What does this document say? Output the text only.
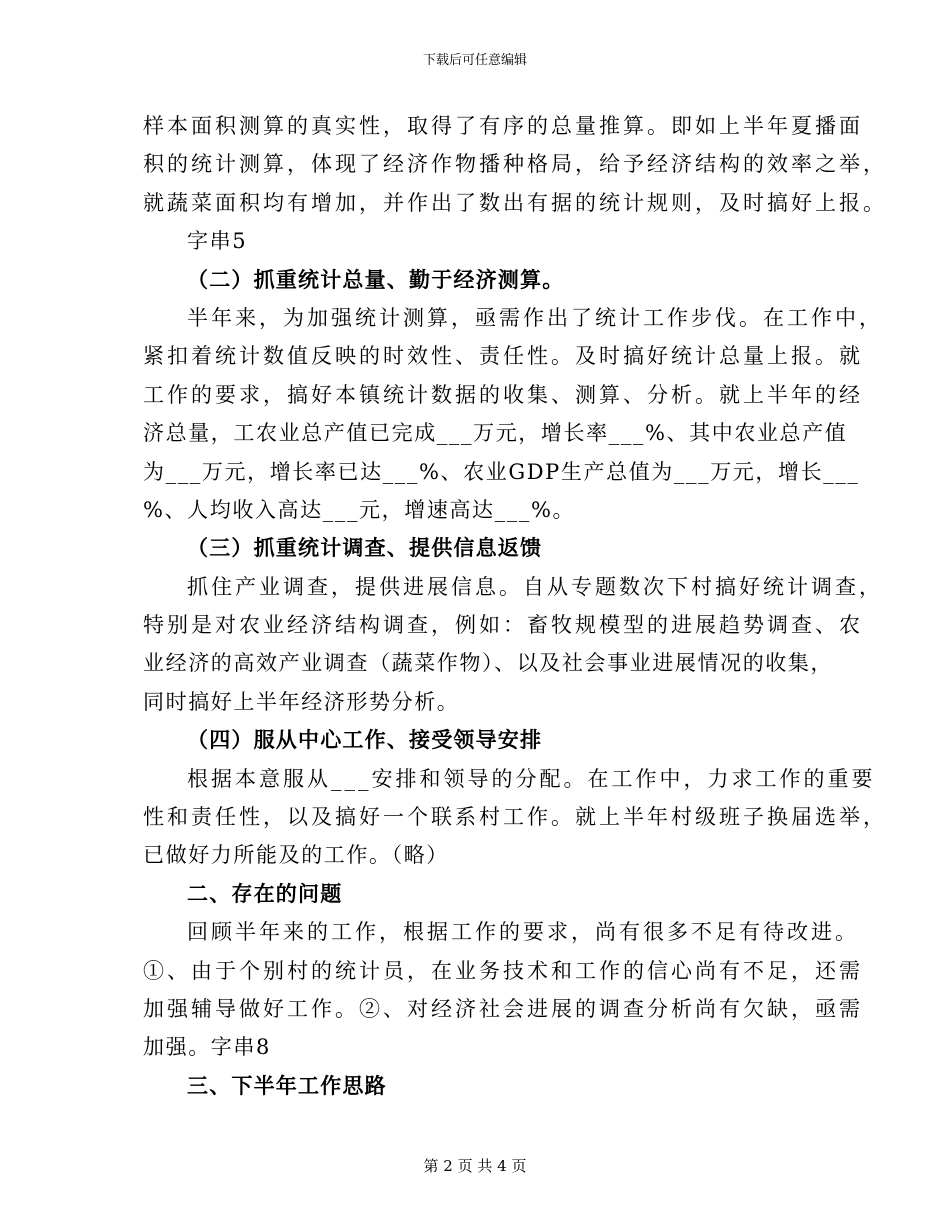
下载后可任意编辑
样本面积测算的真实性，取得了有序的总量推算。即如上半年夏播面
积的统计测算，体现了经济作物播种格局，给予经济结构的效率之举，
就蔬菜面积均有增加，并作出了数出有据的统计规则，及时搞好上报。
字串5
（二）抓重统计总量、勤于经济测算。
半年来，为加强统计测算，亟需作出了统计工作步伐。在工作中，
紧扣着统计数值反映的时效性、责任性。及时搞好统计总量上报。就
工作的要求，搞好本镇统计数据的收集、测算、分析。就上半年的经
济总量，工农业总产值已完成___万元，增长率___%、其中农业总产值
为___万元，增长率已达___%、农业GDP生产总值为___万元，增长___
%、人均收入高达___元，增速高达___%。
（三）抓重统计调查、提供信息返馈
抓住产业调查，提供进展信息。自从专题数次下村搞好统计调查，
特别是对农业经济结构调查，例如：畜牧规模型的进展趋势调查、农
业经济的高效产业调查（蔬菜作物）、以及社会事业进展情况的收集，
同时搞好上半年经济形势分析。
（四）服从中心工作、接受领导安排
根据本意服从___安排和领导的分配。在工作中，力求工作的重要
性和责任性，以及搞好一个联系村工作。就上半年村级班子换届选举，
已做好力所能及的工作。（略）
二、存在的问题
回顾半年来的工作，根据工作的要求，尚有很多不足有待改进。
①、由于个别村的统计员，在业务技术和工作的信心尚有不足，还需
加强辅导做好工作。②、对经济社会进展的调查分析尚有欠缺，亟需
加强。字串8
三、下半年工作思路
第 2 页 共 4 页
